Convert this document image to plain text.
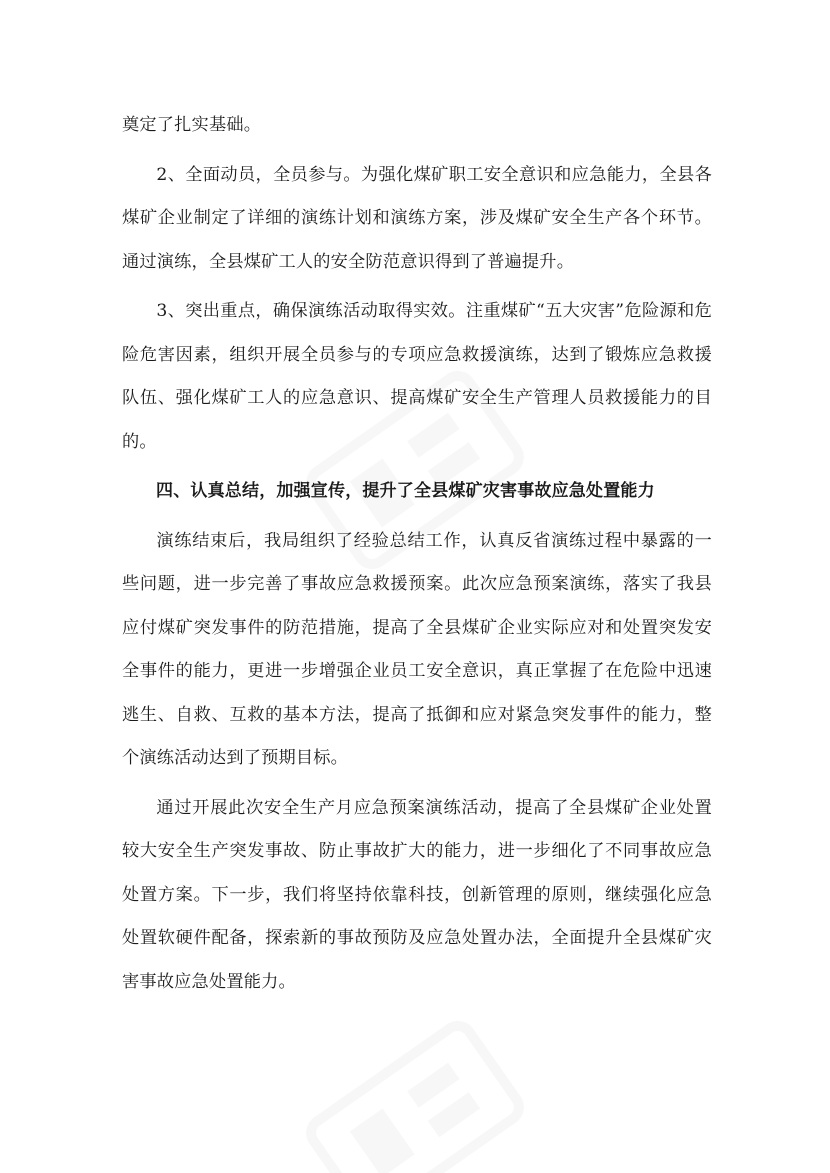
奠定了扎实基础。

2、全面动员，全员参与。为强化煤矿职工安全意识和应急能力，全县各煤矿企业制定了详细的演练计划和演练方案，涉及煤矿安全生产各个环节。通过演练，全县煤矿工人的安全防范意识得到了普遍提升。

3、突出重点，确保演练活动取得实效。注重煤矿“五大灾害”危险源和危险危害因素，组织开展全员参与的专项应急救援演练，达到了锻炼应急救援队伍、强化煤矿工人的应急意识、提高煤矿安全生产管理人员救援能力的目的。

四、认真总结，加强宣传，提升了全县煤矿灾害事故应急处置能力

演练结束后，我局组织了经验总结工作，认真反省演练过程中暴露的一些问题，进一步完善了事故应急救援预案。此次应急预案演练，落实了我县应付煤矿突发事件的防范措施，提高了全县煤矿企业实际应对和处置突发安全事件的能力，更进一步增强企业员工安全意识，真正掌握了在危险中迅速逃生、自救、互救的基本方法，提高了抵御和应对紧急突发事件的能力，整个演练活动达到了预期目标。

通过开展此次安全生产月应急预案演练活动，提高了全县煤矿企业处置较大安全生产突发事故、防止事故扩大的能力，进一步细化了不同事故应急处置方案。下一步，我们将坚持依靠科技，创新管理的原则，继续强化应急处置软硬件配备，探索新的事故预防及应急处置办法，全面提升全县煤矿灾害事故应急处置能力。
